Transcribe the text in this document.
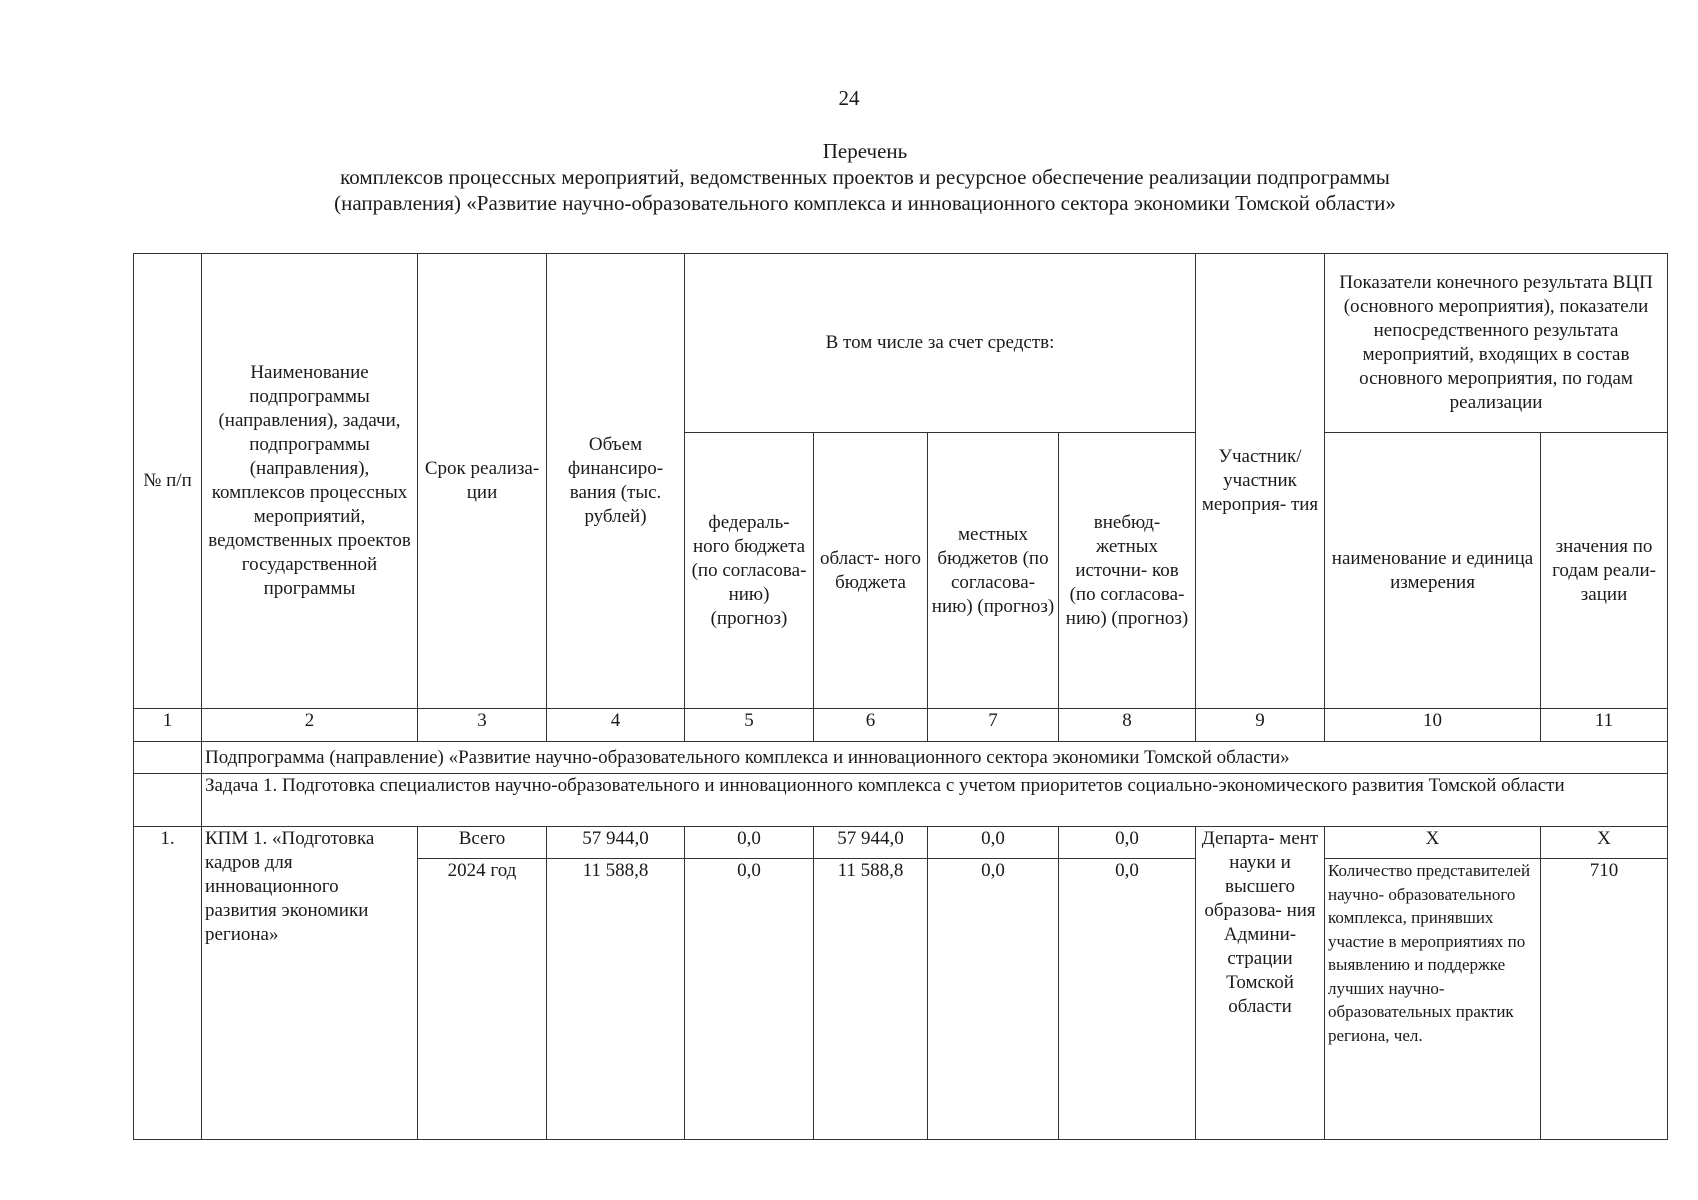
24
Перечень
комплексов процессных мероприятий, ведомственных проектов и ресурсное обеспечение реализации подпрограммы
(направления) «Развитие научно-образовательного комплекса и инновационного сектора экономики Томской области»
№ п/п	Наименование подпрограммы (направления), задачи, подпрограммы (направления), комплексов процессных мероприятий, ведомственных проектов государственной программы	Срок реализа- ции	Объем финансиро- вания (тыс. рублей)	В том числе за счет средств:				Участник/ участник мероприя- тия	Показатели конечного результата ВЦП (основного мероприятия), показатели непосредственного результата мероприятий, входящих в состав основного мероприятия, по годам реализации	
				федераль- ного бюджета (по согласова- нию) (прогноз)	област- ного бюджета	местных бюджетов (по согласова- нию) (прогноз)	внебюд- жетных источни- ков (по согласова- нию) (прогноз)		наименование и единица измерения	значения по годам реали- зации
1	2	3	4	5	6	7	8	9	10	11
	Подпрограмма (направление) «Развитие научно-образовательного комплекса и инновационного сектора экономики Томской области»									
	Задача 1. Подготовка специалистов научно-образовательного и инновационного комплекса с учетом приоритетов социально-экономического развития Томской области									
1.	КПМ 1. «Подготовка кадров для инновационного развития экономики региона»	Всего	57 944,0	0,0	57 944,0	0,0	0,0	Департа- мент науки и высшего образова- ния Админи- страции Томской области	Х	Х
		2024 год	11 588,8	0,0	11 588,8	0,0	0,0		Количество представителей научно- образовательного комплекса, принявших участие в мероприятиях по выявлению и поддержке лучших научно- образовательных практик региона, чел.	710
